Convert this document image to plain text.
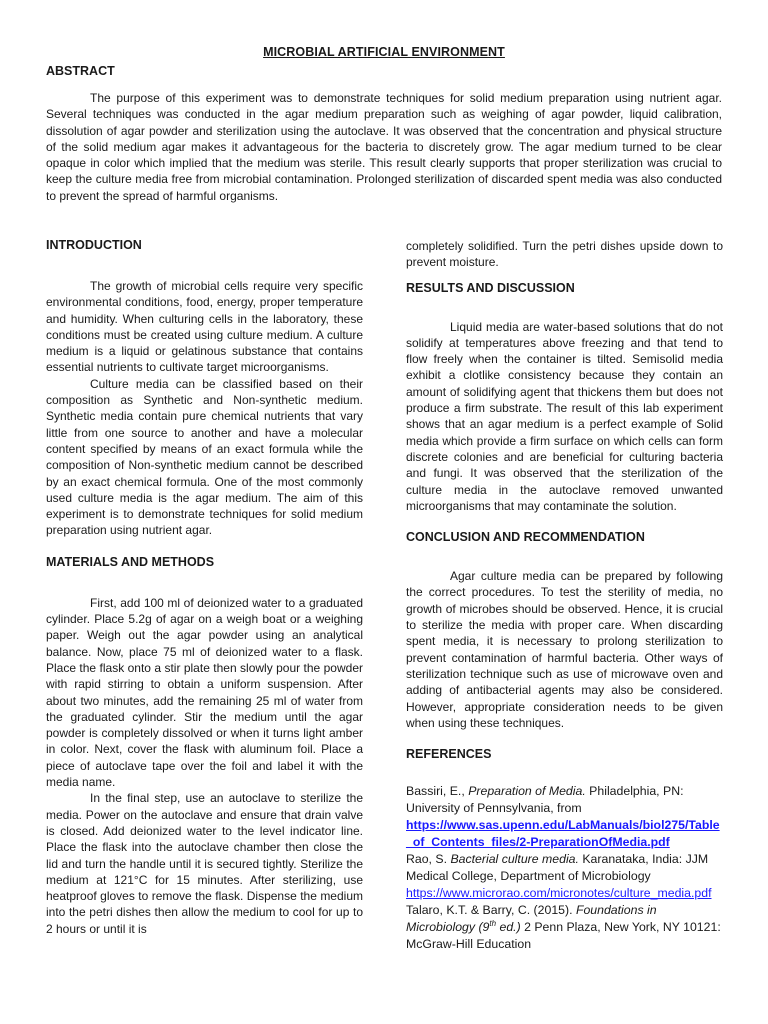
MICROBIAL ARTIFICIAL ENVIRONMENT
ABSTRACT

The purpose of this experiment was to demonstrate techniques for solid medium preparation using nutrient agar. Several techniques was conducted in the agar medium preparation such as weighing of agar powder, liquid calibration, dissolution of agar powder and sterilization using the autoclave. It was observed that the concentration and physical structure of the solid medium agar makes it advantageous for the bacteria to discretely grow. The agar medium turned to be clear opaque in color which implied that the medium was sterile. This result clearly supports that proper sterilization was crucial to keep the culture media free from microbial contamination. Prolonged sterilization of discarded spent media was also conducted to prevent the spread of harmful organisms.

INTRODUCTION

The growth of microbial cells require very specific environmental conditions, food, energy, proper temperature and humidity. When culturing cells in the laboratory, these conditions must be created using culture medium. A culture medium is a liquid or gelatinous substance that contains essential nutrients to cultivate target microorganisms.

Culture media can be classified based on their composition as Synthetic and Non-synthetic medium. Synthetic media contain pure chemical nutrients that vary little from one source to another and have a molecular content specified by means of an exact formula while the composition of Non-synthetic medium cannot be described by an exact chemical formula. One of the most commonly used culture media is the agar medium. The aim of this experiment is to demonstrate techniques for solid medium preparation using nutrient agar.

MATERIALS AND METHODS

First, add 100 ml of deionized water to a graduated cylinder. Place 5.2g of agar on a weigh boat or a weighing paper. Weigh out the agar powder using an analytical balance. Now, place 75 ml of deionized water to a flask. Place the flask onto a stir plate then slowly pour the powder with rapid stirring to obtain a uniform suspension. After about two minutes, add the remaining 25 ml of water from the graduated cylinder. Stir the medium until the agar powder is completely dissolved or when it turns light amber in color. Next, cover the flask with aluminum foil. Place a piece of autoclave tape over the foil and label it with the media name.

In the final step, use an autoclave to sterilize the media. Power on the autoclave and ensure that drain valve is closed. Add deionized water to the level indicator line. Place the flask into the autoclave chamber then close the lid and turn the handle until it is secured tightly. Sterilize the medium at 121°C for 15 minutes. After sterilizing, use heatproof gloves to remove the flask. Dispense the medium into the petri dishes then allow the medium to cool for up to 2 hours or until it is

completely solidified. Turn the petri dishes upside down to prevent moisture.

RESULTS AND DISCUSSION

Liquid media are water-based solutions that do not solidify at temperatures above freezing and that tend to flow freely when the container is tilted. Semisolid media exhibit a clotlike consistency because they contain an amount of solidifying agent that thickens them but does not produce a firm substrate. The result of this lab experiment shows that an agar medium is a perfect example of Solid media which provide a firm surface on which cells can form discrete colonies and are beneficial for culturing bacteria and fungi. It was observed that the sterilization of the culture media in the autoclave removed unwanted microorganisms that may contaminate the solution.

CONCLUSION AND RECOMMENDATION

Agar culture media can be prepared by following the correct procedures. To test the sterility of media, no growth of microbes should be observed. Hence, it is crucial to sterilize the media with proper care. When discarding spent media, it is necessary to prolong sterilization to prevent contamination of harmful bacteria. Other ways of sterilization technique such as use of microwave oven and adding of antibacterial agents may also be considered. However, appropriate consideration needs to be given when using these techniques.

REFERENCES

Bassiri, E., Preparation of Media. Philadelphia, PN: University of Pennsylvania, from
https://www.sas.upenn.edu/LabManuals/biol275/Table_of_Contents_files/2-PreparationOfMedia.pdf

Rao, S. Bacterial culture media. Karanataka, India: JJM Medical College, Department of Microbiology
https://www.microrao.com/micronotes/culture_media.pdf

Talaro, K.T. & Barry, C. (2015). Foundations in Microbiology (9th ed.) 2 Penn Plaza, New York, NY 10121: McGraw-Hill Education
